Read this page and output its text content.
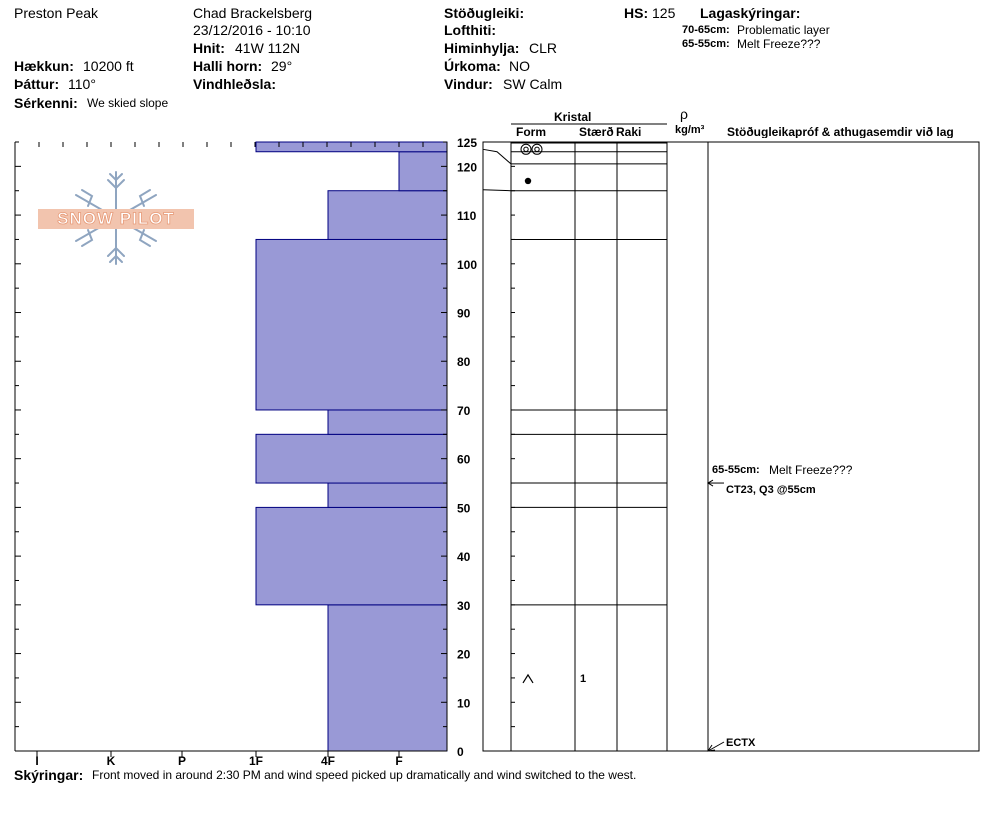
Preston Peak	Chad Brackelsberg
23/12/2016 - 10:10
Hnit: 41W 112N
Hækkun: 10200 ft	Halli horn: 29°
Þáttur: 110°	Vindhleðsla:
Sérkenni: We skied slope
Stöðugleiki:
Lofthiti:
Himinhylja: CLR
Úrkoma: NO
Vindur: SW Calm
HS: 125 Lagaskýringar:
70-65cm: Problematic layer
65-55cm: Melt Freeze???
Kristal
Form	Stærð Raki
ρ
kg/m³ Stöðugleikapróf & athugasemdir við lag
65-55cm: Melt Freeze???
CT23, Q3 @55cm
ECTX
SNOW PILOT
0
10
20
30
40
50
60
70
80
90
100
110
120
125
I	K	P	1F	4F	F
1
Skýringar: Front moved in around 2:30 PM and wind speed picked up dramatically and wind switched to the west.
